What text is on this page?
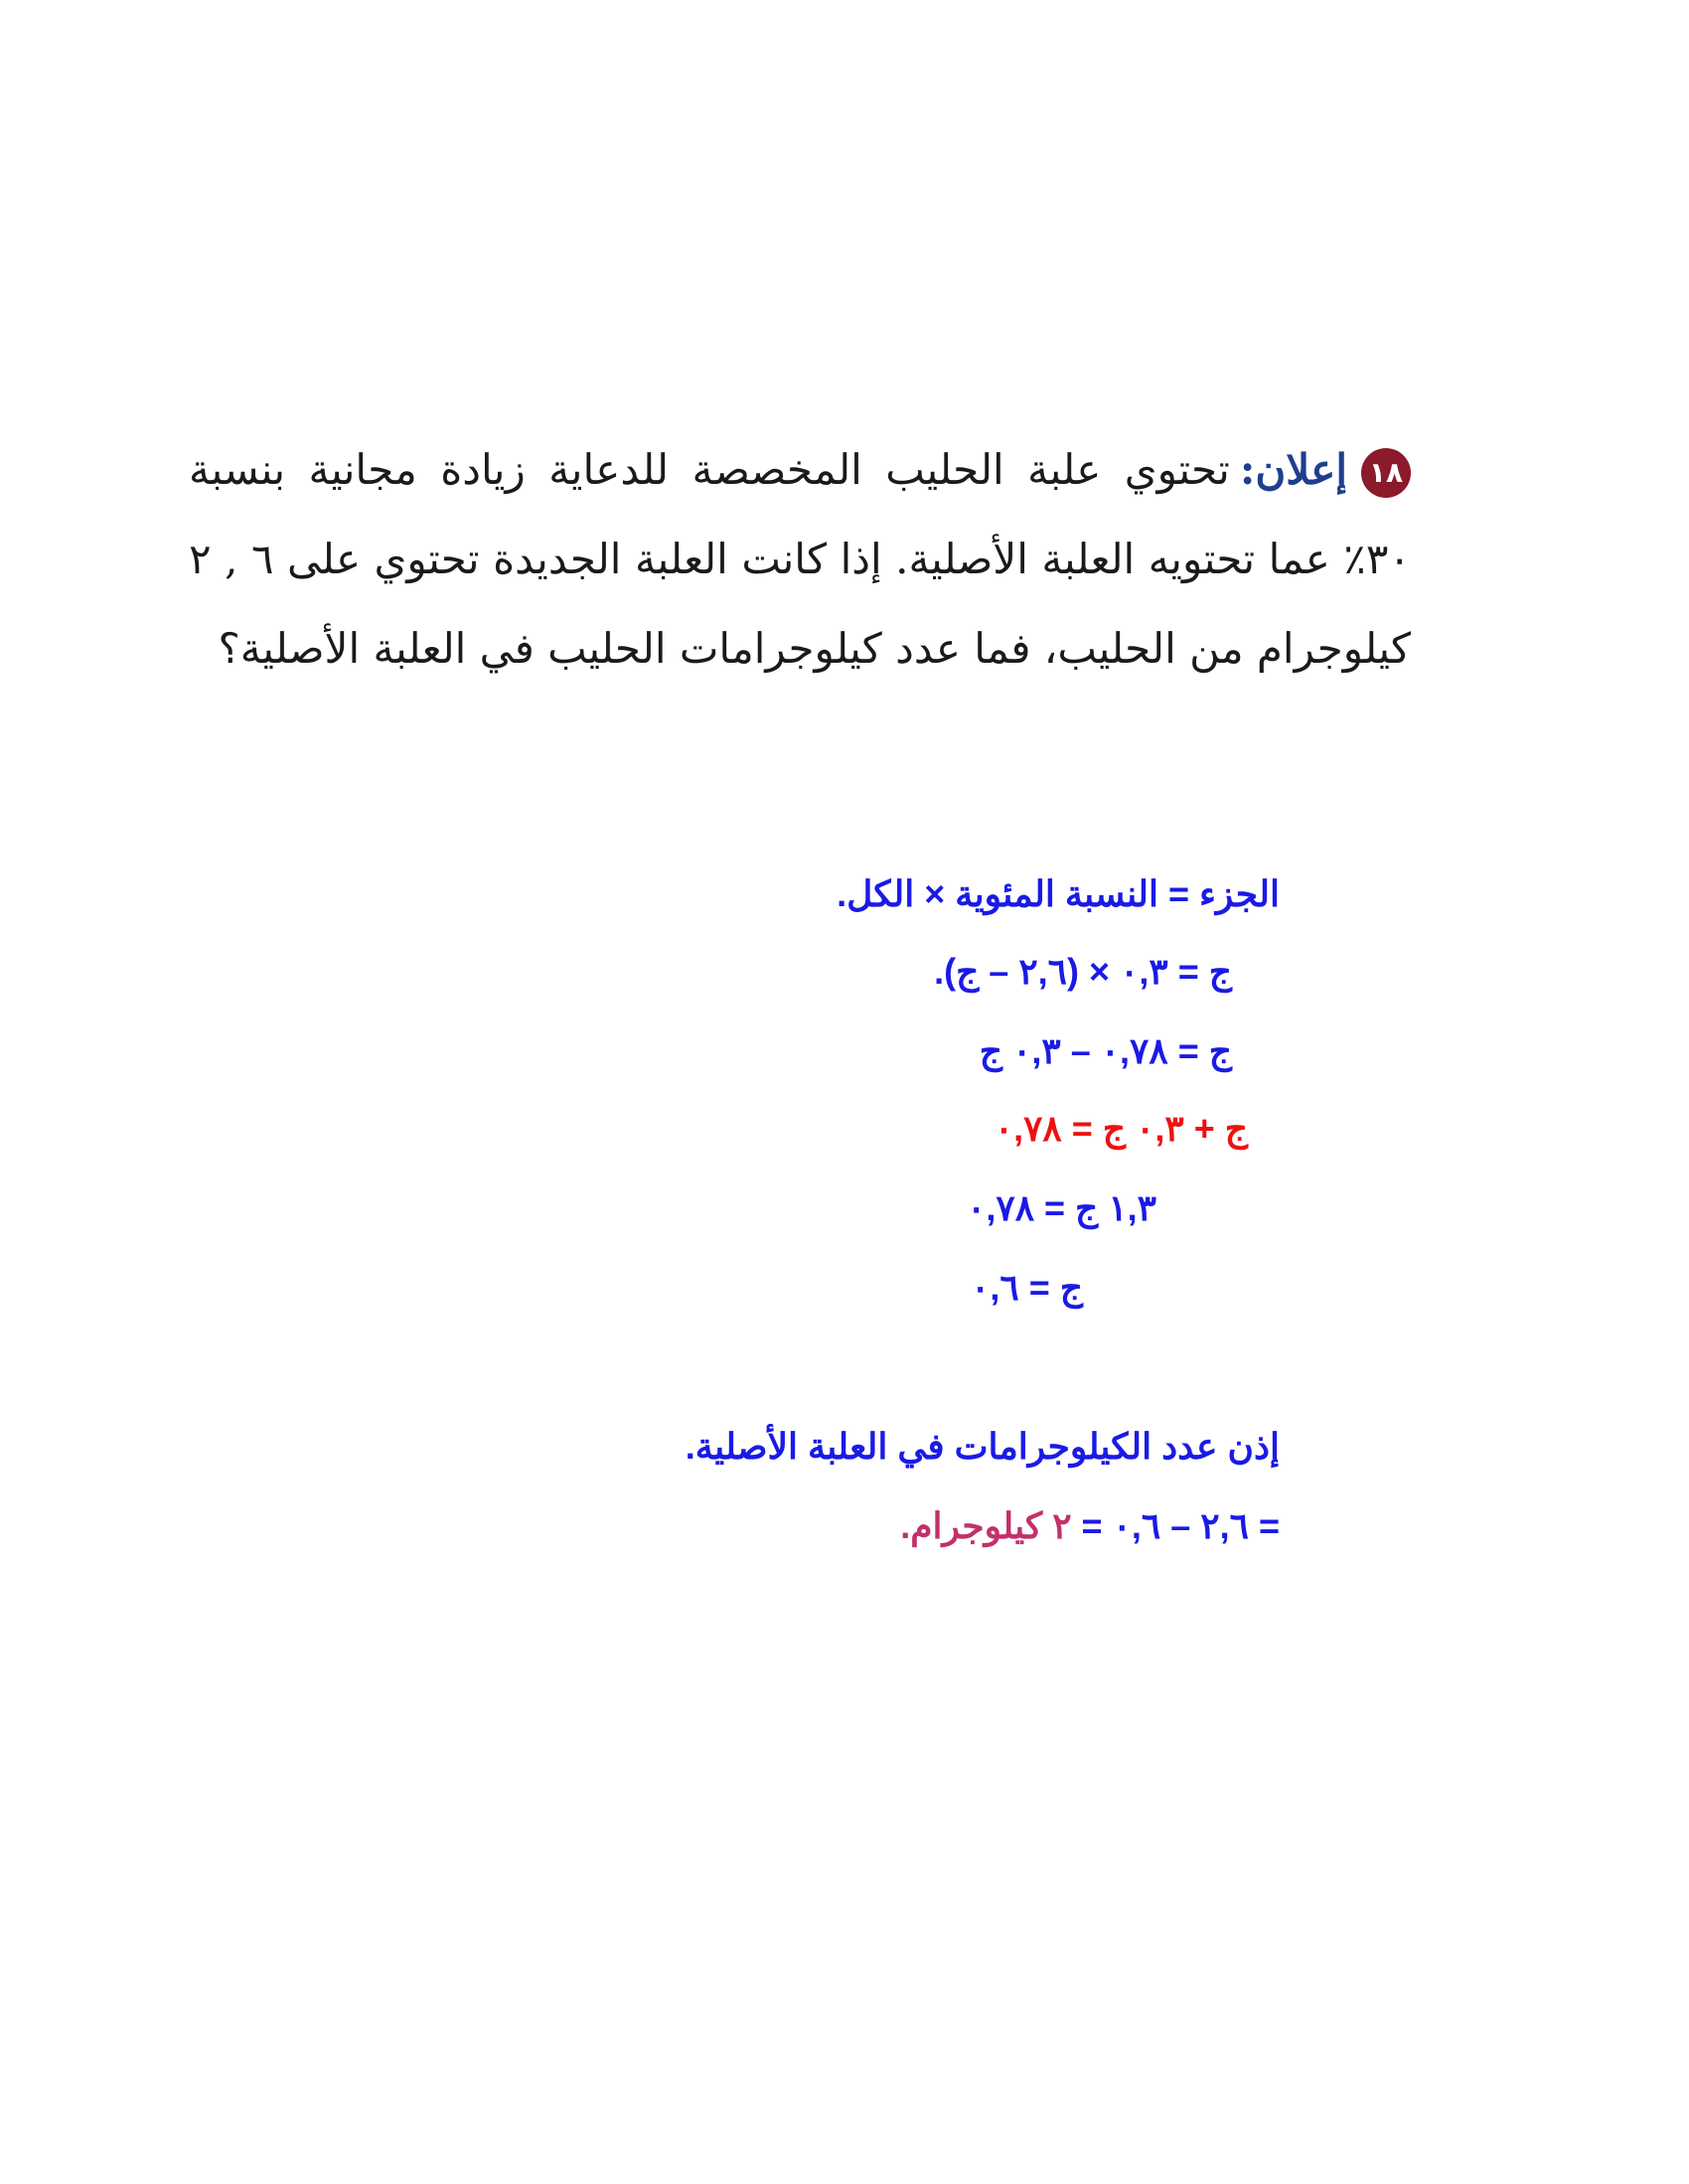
١٨إعلان:تحتوي علبة الحليب المخصصة للدعاية زيادة مجانية بنسبة ٣٠٪ عما تحتويه العلبة الأصلية. إذا كانت العلبة الجديدة تحتوي على ٦ , ٢ كيلوجرام من الحليب، فما عدد كيلوجرامات الحليب في العلبة الأصلية؟
الجزء = النسبة المئوية × الكل.
ج = ٠,٣ × (٢,٦ – ج).
ج = ٠,٧٨ – ٠,٣ ج
ج + ٠,٣ ج = ٠,٧٨
١,٣ ج = ٠,٧٨
ج = ٠,٦
إذن عدد الكيلوجرامات في العلبة الأصلية.
= ٢,٦ – ٠,٦ = ٢ كيلوجرام.
